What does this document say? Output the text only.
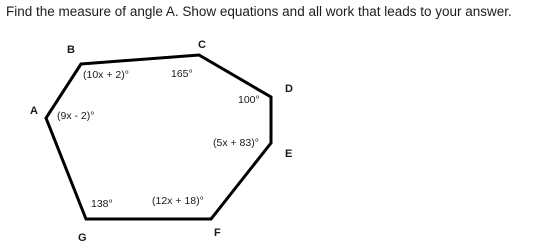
Find the measure of angle A. Show equations and all work that leads to your answer.
A
B	C
D
E
F
G
(9x - 2)°
(10x + 2)°	165°
100°
(5x + 83)°
(12x + 18)°
138°
